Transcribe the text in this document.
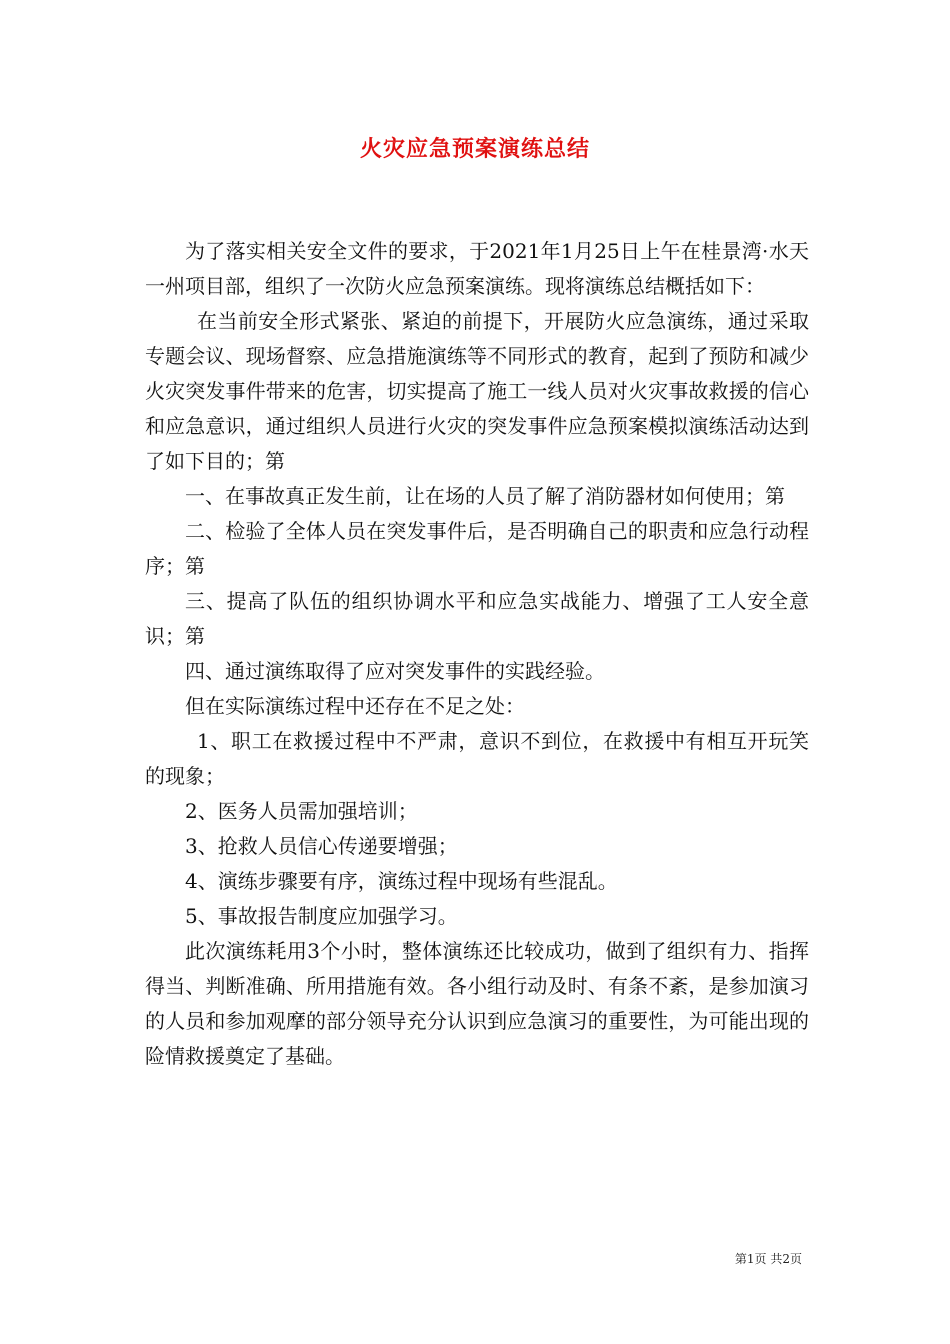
火灾应急预案演练总结

为了落实相关安全文件的要求，于2021年1月25日上午在桂景湾·水天一州项目部，组织了一次防火应急预案演练。现将演练总结概括如下：

在当前安全形式紧张、紧迫的前提下，开展防火应急演练，通过采取专题会议、现场督察、应急措施演练等不同形式的教育，起到了预防和减少火灾突发事件带来的危害，切实提高了施工一线人员对火灾事故救援的信心和应急意识，通过组织人员进行火灾的突发事件应急预案模拟演练活动达到了如下目的；第

一、在事故真正发生前，让在场的人员了解了消防器材如何使用；第

二、检验了全体人员在突发事件后，是否明确自己的职责和应急行动程序；第

三、提高了队伍的组织协调水平和应急实战能力、增强了工人安全意识；第

四、通过演练取得了应对突发事件的实践经验。

但在实际演练过程中还存在不足之处：

1、职工在救援过程中不严肃，意识不到位，在救援中有相互开玩笑的现象；

2、医务人员需加强培训；

3、抢救人员信心传递要增强；

4、演练步骤要有序，演练过程中现场有些混乱。

5、事故报告制度应加强学习。

此次演练耗用3个小时，整体演练还比较成功，做到了组织有力、指挥得当、判断准确、所用措施有效。各小组行动及时、有条不紊，是参加演习的人员和参加观摩的部分领导充分认识到应急演习的重要性，为可能出现的险情救援奠定了基础。

第1页 共2页
